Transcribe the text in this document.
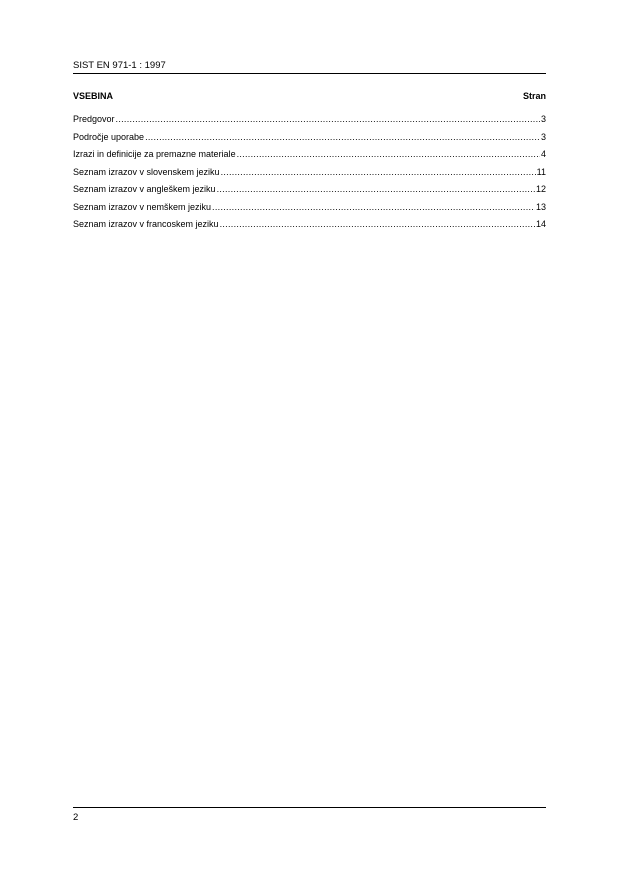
SIST EN 971-1 : 1997
VSEBINA	Stran
Predgovor .....	3
Področje uporabe .....	3
Izrazi in definicije za premazne materiale .....	4
Seznam izrazov v slovenskem jeziku .....	11
Seznam izrazov v angleškem jeziku .....	12
Seznam izrazov v nemškem jeziku .....	13
Seznam izrazov v francoskem jeziku .....	14
2
